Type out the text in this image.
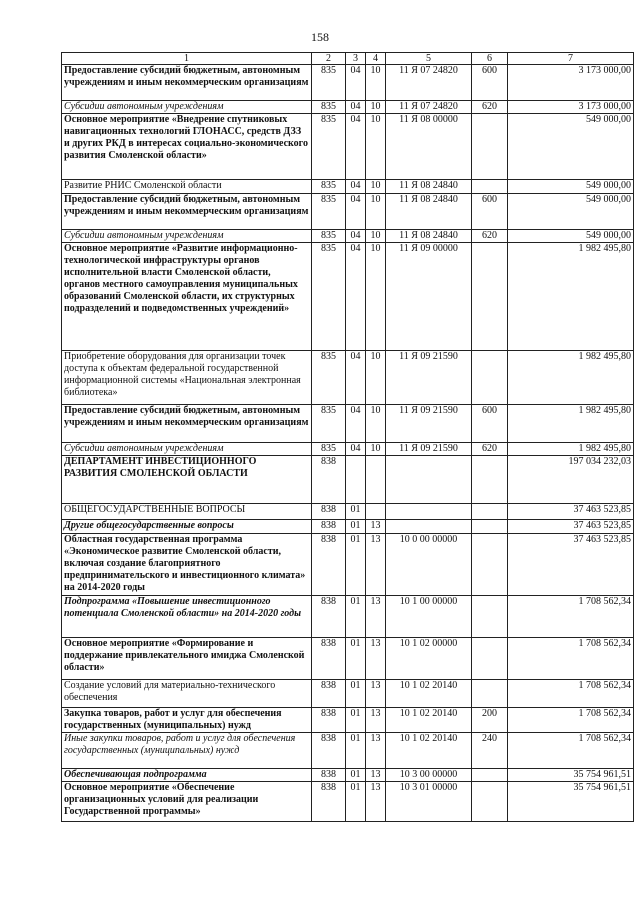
158
1	2	3	4	5	6	7
Предоставление субсидий бюджетным, автономным учреждениям и иным некоммерческим организациям	835	04	10	11 Я 07 24820	600	3 173 000,00
Субсидии автономным учреждениям	835	04	10	11 Я 07 24820	620	3 173 000,00
Основное мероприятие «Внедрение спутниковых навигационных технологий ГЛОНАСС, средств ДЗЗ и других РКД в интересах социально-экономического развития Смоленской области»	835	04	10	11 Я 08 00000		549 000,00
Развитие РНИС Смоленской области	835	04	10	11 Я 08 24840		549 000,00
Предоставление субсидий бюджетным, автономным учреждениям и иным некоммерческим организациям	835	04	10	11 Я 08 24840	600	549 000,00
Субсидии автономным учреждениям	835	04	10	11 Я 08 24840	620	549 000,00
Основное мероприятие «Развитие информационно-технологической инфраструктуры органов исполнительной власти Смоленской области, органов местного самоуправления муниципальных образований Смоленской области, их структурных подразделений и подведомственных учреждений»	835	04	10	11 Я 09 00000		1 982 495,80
Приобретение оборудования для организации точек доступа к объектам федеральной государственной информационной системы «Национальная электронная библиотека»	835	04	10	11 Я 09 21590		1 982 495,80
Предоставление субсидий бюджетным, автономным учреждениям и иным некоммерческим организациям	835	04	10	11 Я 09 21590	600	1 982 495,80
Субсидии автономным учреждениям	835	04	10	11 Я 09 21590	620	1 982 495,80
ДЕПАРТАМЕНТ ИНВЕСТИЦИОННОГО РАЗВИТИЯ СМОЛЕНСКОЙ ОБЛАСТИ	838					197 034 232,03
ОБЩЕГОСУДАРСТВЕННЫЕ ВОПРОСЫ	838	01				37 463 523,85
Другие общегосударственные вопросы	838	01	13			37 463 523,85
Областная государственная программа «Экономическое развитие Смоленской области, включая создание благоприятного предпринимательского и инвестиционного климата» на 2014-2020 годы	838	01	13	10 0 00 00000		37 463 523,85
Подпрограмма «Повышение инвестиционного потенциала Смоленской области» на 2014-2020 годы	838	01	13	10 1 00 00000		1 708 562,34
Основное мероприятие «Формирование и поддержание привлекательного имиджа Смоленской области»	838	01	13	10 1 02 00000		1 708 562,34
Создание условий для материально-технического обеспечения	838	01	13	10 1 02 20140		1 708 562,34
Закупка товаров, работ и услуг для обеспечения государственных (муниципальных) нужд	838	01	13	10 1 02 20140	200	1 708 562,34
Иные закупки товаров, работ и услуг для обеспечения государственных (муниципальных) нужд	838	01	13	10 1 02 20140	240	1 708 562,34
Обеспечивающая подпрограмма	838	01	13	10 3 00 00000		35 754 961,51
Основное мероприятие «Обеспечение организационных условий для реализации Государственной программы»	838	01	13	10 3 01 00000		35 754 961,51
